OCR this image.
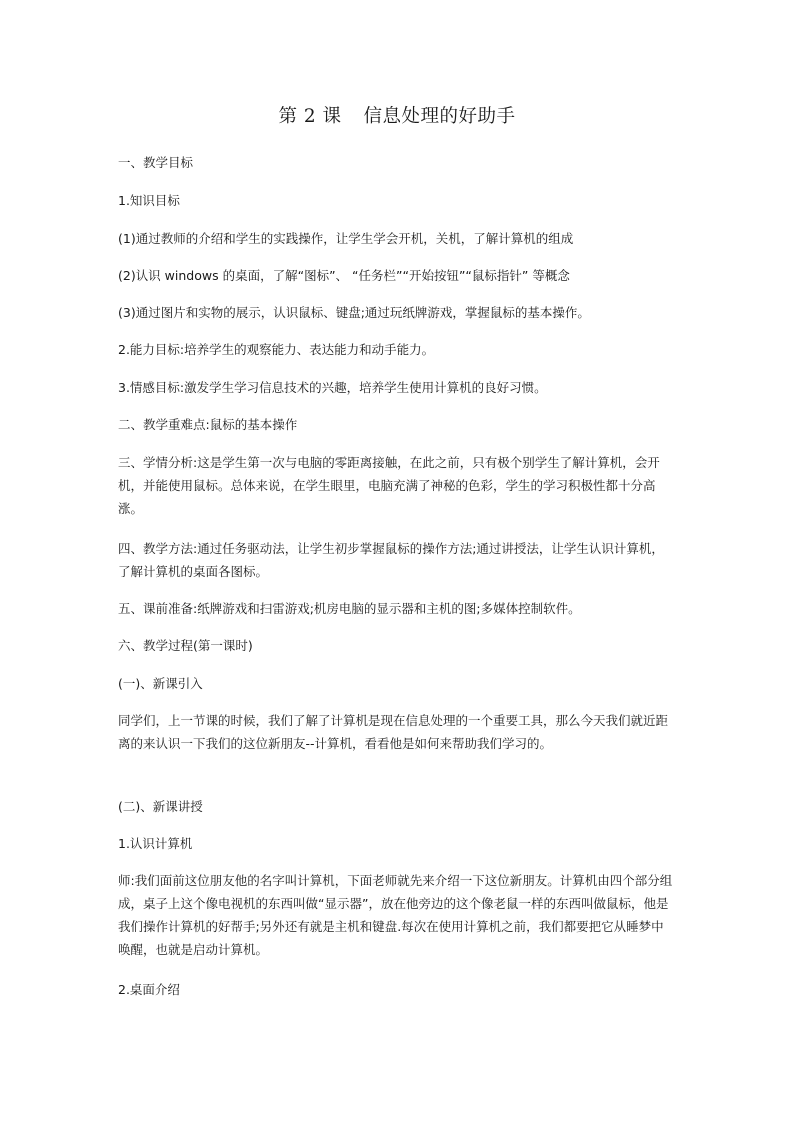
第 2 课 信息处理的好助手

一、教学目标

1.知识目标

(1)通过教师的介绍和学生的实践操作，让学生学会开机，关机，了解计算机的组成

(2)认识 windows 的桌面，了解“图标”、 “任务栏”“开始按钮”“鼠标指针” 等概念

(3)通过图片和实物的展示，认识鼠标、键盘;通过玩纸牌游戏，掌握鼠标的基本操作。

2.能力目标:培养学生的观察能力、表达能力和动手能力。

3.情感目标:激发学生学习信息技术的兴趣，培养学生使用计算机的良好习惯。

二、教学重难点:鼠标的基本操作

三、学情分析:这是学生第一次与电脑的零距离接触，在此之前，只有极个别学生了解计算机，会开机，并能使用鼠标。总体来说，在学生眼里，电脑充满了神秘的色彩，学生的学习积极性都十分高涨。

四、教学方法:通过任务驱动法，让学生初步掌握鼠标的操作方法;通过讲授法，让学生认识计算机，了解计算机的桌面各图标。

五、课前准备:纸牌游戏和扫雷游戏;机房电脑的显示器和主机的图;多媒体控制软件。

六、教学过程(第一课时)

(一)、新课引入

同学们，上一节课的时候，我们了解了计算机是现在信息处理的一个重要工具，那么今天我们就近距离的来认识一下我们的这位新朋友--计算机，看看他是如何来帮助我们学习的。

(二)、新课讲授

1.认识计算机

师:我们面前这位朋友他的名字叫计算机，下面老师就先来介绍一下这位新朋友。计算机由四个部分组成，桌子上这个像电视机的东西叫做“显示器”，放在他旁边的这个像老鼠一样的东西叫做鼠标，他是我们操作计算机的好帮手;另外还有就是主机和键盘.每次在使用计算机之前，我们都要把它从睡梦中唤醒，也就是启动计算机。

2.桌面介绍
